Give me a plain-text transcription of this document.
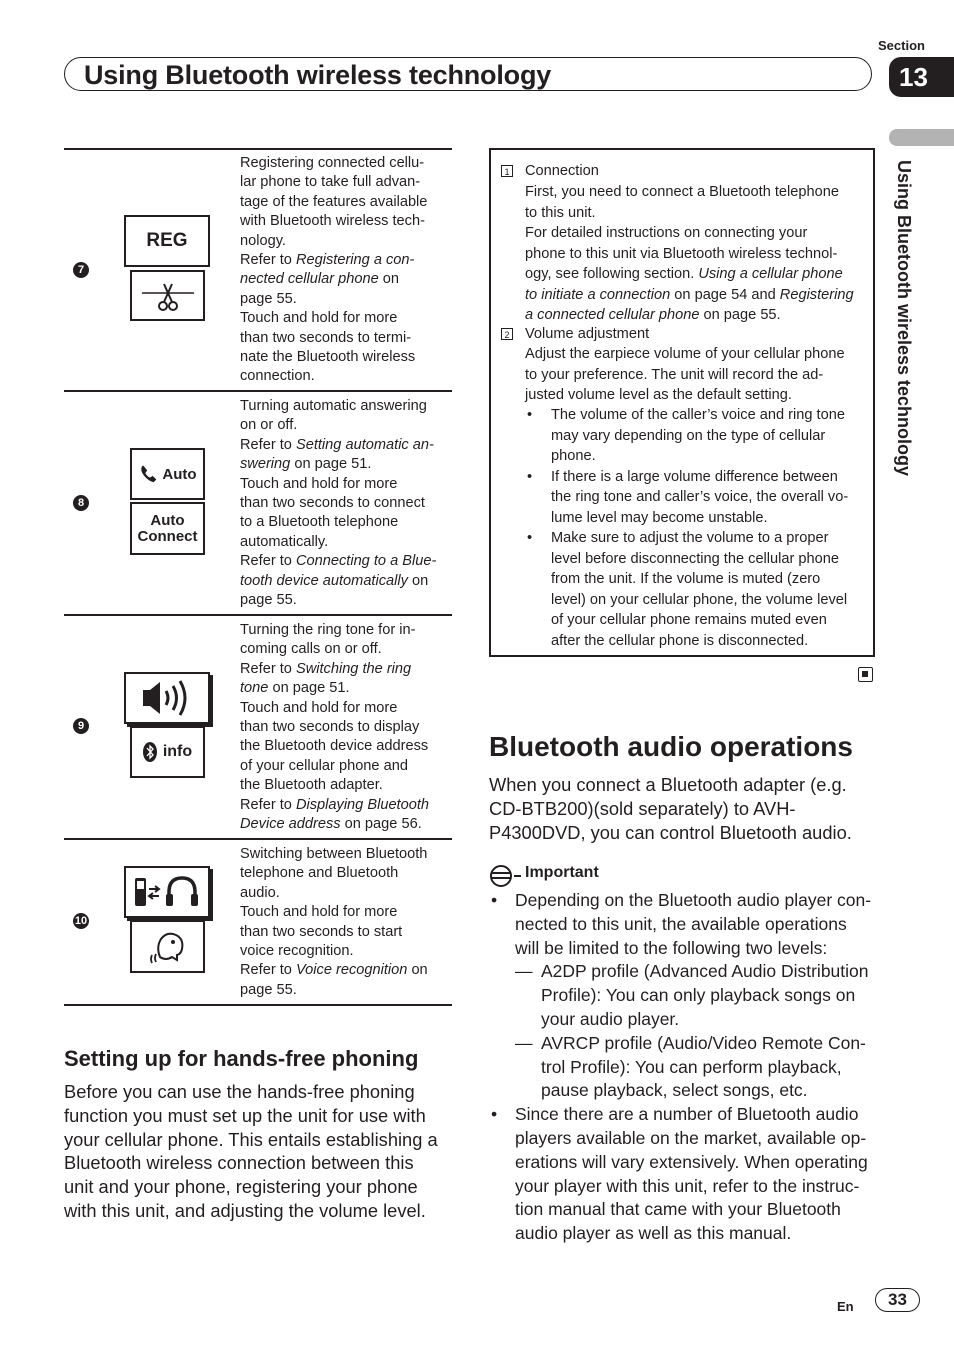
Section
Using Bluetooth wireless technology	13
Using Bluetooth wireless technology
7
REG
Registering connected cellu-
lar phone to take full advan-
tage of the features available
with Bluetooth wireless tech-
nology.
Refer to Registering a con-
nected cellular phone on
page 55.
Touch and hold for more
than two seconds to termi-
nate the Bluetooth wireless
connection.
8
Auto
Auto
Connect
Turning automatic answering
on or off.
Refer to Setting automatic an-
swering on page 51.
Touch and hold for more
than two seconds to connect
to a Bluetooth telephone
automatically.
Refer to Connecting to a Blue-
tooth device automatically on
page 55.
9
info
Turning the ring tone for in-
coming calls on or off.
Refer to Switching the ring
tone on page 51.
Touch and hold for more
than two seconds to display
the Bluetooth device address
of your cellular phone and
the Bluetooth adapter.
Refer to Displaying Bluetooth
Device address on page 56.
10
Switching between Bluetooth
telephone and Bluetooth
audio.
Touch and hold for more
than two seconds to start
voice recognition.
Refer to Voice recognition on
page 55.
Setting up for hands-free phoning
Before you can use the hands-free phoning
function you must set up the unit for use with
your cellular phone. This entails establishing a
Bluetooth wireless connection between this
unit and your phone, registering your phone
with this unit, and adjusting the volume level.
1 Connection
First, you need to connect a Bluetooth telephone
to this unit.
For detailed instructions on connecting your
phone to this unit via Bluetooth wireless technol-
ogy, see following section. Using a cellular phone
to initiate a connection on page 54 and Registering
a connected cellular phone on page 55.
2 Volume adjustment
Adjust the earpiece volume of your cellular phone
to your preference. The unit will record the ad-
justed volume level as the default setting.
• The volume of the caller’s voice and ring tone
may vary depending on the type of cellular
phone.
• If there is a large volume difference between
the ring tone and caller’s voice, the overall vo-
lume level may become unstable.
• Make sure to adjust the volume to a proper
level before disconnecting the cellular phone
from the unit. If the volume is muted (zero
level) on your cellular phone, the volume level
of your cellular phone remains muted even
after the cellular phone is disconnected.
Bluetooth audio operations
When you connect a Bluetooth adapter (e.g.
CD-BTB200)(sold separately) to AVH-
P4300DVD, you can control Bluetooth audio.
Important
• Depending on the Bluetooth audio player con-
nected to this unit, the available operations
will be limited to the following two levels:
— A2DP profile (Advanced Audio Distribution
Profile): You can only playback songs on
your audio player.
— AVRCP profile (Audio/Video Remote Con-
trol Profile): You can perform playback,
pause playback, select songs, etc.
• Since there are a number of Bluetooth audio
players available on the market, available op-
erations will vary extensively. When operating
your player with this unit, refer to the instruc-
tion manual that came with your Bluetooth
audio player as well as this manual.
En	33
